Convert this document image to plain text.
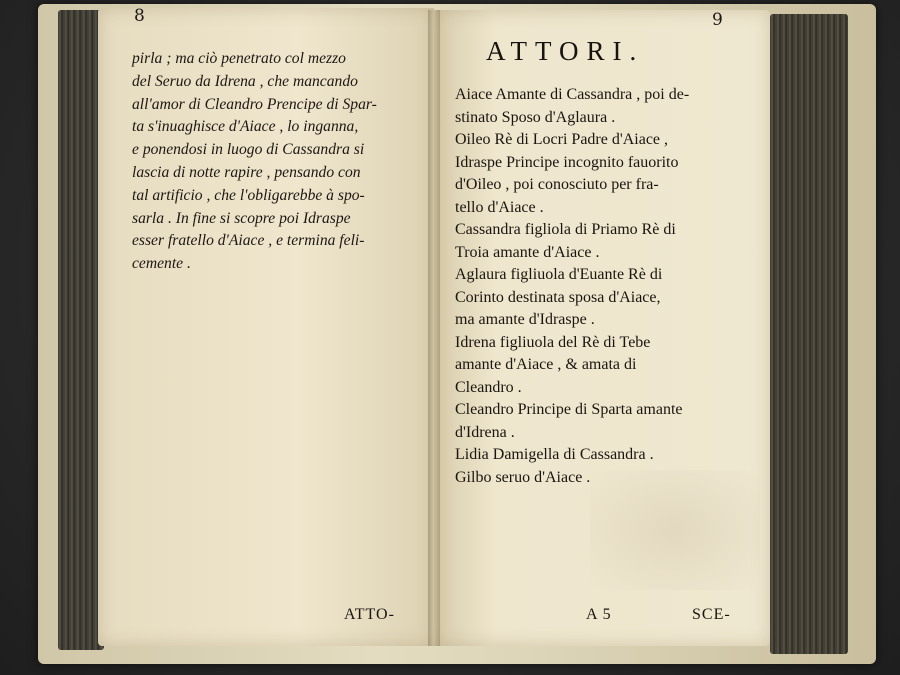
8	9
pirla ; ma ciò penetrato col mezzo
del Seruo da Idrena , che mancando
all'amor di Cleandro Prencipe di Spar-
ta s'inuaghisce d'Aiace , lo inganna,
e ponendosi in luogo di Cassandra si
lascia di notte rapire , pensando con
tal artificio , che l'obligarebbe à spo-
sarla . In fine si scopre poi Idraspe
esser fratello d'Aiace , e termina feli-
cemente .
ATTORI.
Aiace Amante di Cassandra , poi de-
stinato Sposo d'Aglaura .
Oileo Rè di Locri Padre d'Aiace ,
Idraspe Principe incognito fauorito
d'Oileo , poi conosciuto per fra-
tello d'Aiace .
Cassandra figliola di Priamo Rè di
Troia amante d'Aiace .
Aglaura figliuola d'Euante Rè di
Corinto destinata sposa d'Aiace,
ma amante d'Idraspe .
Idrena figliuola del Rè di Tebe
amante d'Aiace , & amata di
Cleandro .
Cleandro Principe di Sparta amante
d'Idrena .
Lidia Damigella di Cassandra .
Gilbo seruo d'Aiace .
ATTO-	A 5	SCE-
